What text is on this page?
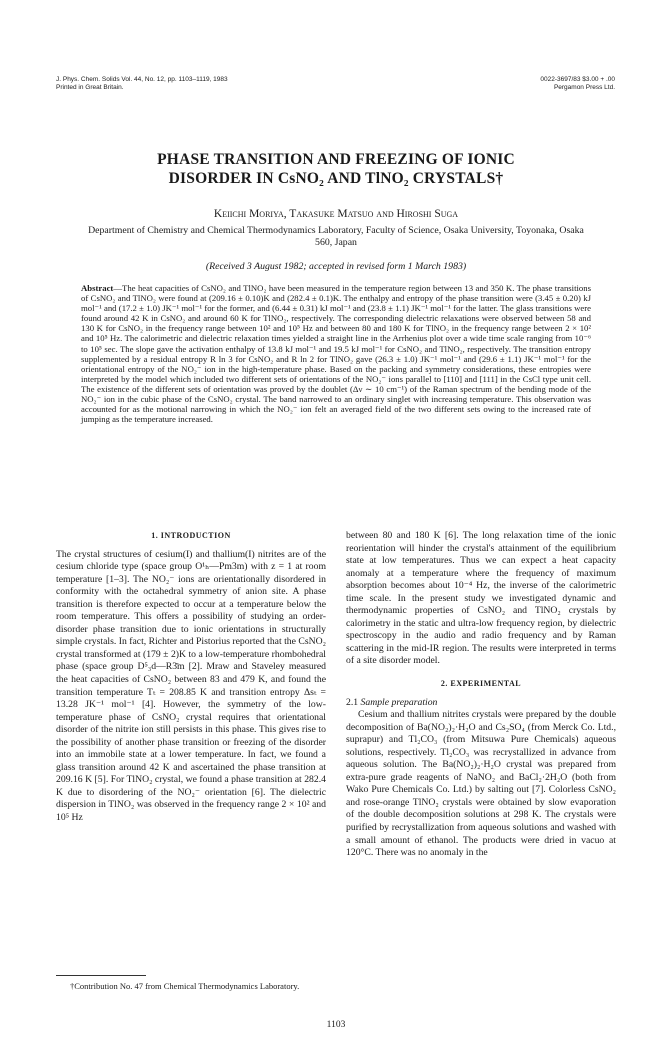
J. Phys. Chem. Solids Vol. 44, No. 12, pp. 1103–1119, 1983
Printed in Great Britain.
0022-3697/83 $3.00 + .00
Pergamon Press Ltd.
PHASE TRANSITION AND FREEZING OF IONIC
DISORDER IN CsNO₂ AND TlNO₂ CRYSTALS†
Keiichi Moriya, Takasuke Matsuo and Hiroshi Suga
Department of Chemistry and Chemical Thermodynamics Laboratory, Faculty of Science, Osaka University, Toyonaka, Osaka 560, Japan
(Received 3 August 1982; accepted in revised form 1 March 1983)
Abstract—The heat capacities of CsNO₂ and TlNO₂ have been measured in the temperature region between 13 and 350 K. The phase transitions of CsNO₂ and TlNO₂ were found at (209.16 ± 0.10)K and (282.4 ± 0.1)K. The enthalpy and entropy of the phase transition were (3.45 ± 0.20) kJ mol⁻¹ and (17.2 ± 1.0) JK⁻¹ mol⁻¹ for the former, and (6.44 ± 0.31) kJ mol⁻¹ and (23.8 ± 1.1) JK⁻¹ mol⁻¹ for the latter. The glass transitions were found around 42 K in CsNO₂ and around 60 K for TlNO₂, respectively. The corresponding dielectric relaxations were observed between 58 and 130 K for CsNO₂ in the frequency range between 10² and 10⁵ Hz and between 80 and 180 K for TlNO₂ in the frequency range between 2 × 10² and 10⁵ Hz. The calorimetric and dielectric relaxation times yielded a straight line in the Arrhenius plot over a wide time scale ranging from 10⁻⁶ to 10⁵ sec. The slope gave the activation enthalpy of 13.8 kJ mol⁻¹ and 19.5 kJ mol⁻¹ for CsNO₂ and TlNO₂, respectively. The transition entropy supplemented by a residual entropy R ln 3 for CsNO₂ and R ln 2 for TlNO₂ gave (26.3 ± 1.0) JK⁻¹ mol⁻¹ and (29.6 ± 1.1) JK⁻¹ mol⁻¹ for the orientational entropy of the NO₂⁻ ion in the high-temperature phase. Based on the packing and symmetry considerations, these entropies were interpreted by the model which included two different sets of orientations of the NO₂⁻ ions parallel to [110] and [111] in the CsCl type unit cell. The existence of the different sets of orientation was proved by the doublet (Δν ∼ 10 cm⁻¹) of the Raman spectrum of the bending mode of the NO₂⁻ ion in the cubic phase of the CsNO₂ crystal. The band narrowed to an ordinary singlet with increasing temperature. This observation was accounted for as the motional narrowing in which the NO₂⁻ ion felt an averaged field of the two different sets owing to the increased rate of jumping as the temperature increased.
1. INTRODUCTION

The crystal structures of cesium(I) and thallium(I) nitrites are of the cesium chloride type (space group O¹ₕ—Pm3m) with z = 1 at room temperature [1–3]. The NO₂⁻ ions are orientationally disordered in conformity with the octahedral symmetry of anion site. A phase transition is therefore expected to occur at a temperature below the room temperature. This offers a possibility of studying an order-disorder phase transition due to ionic orientations in structurally simple crystals. In fact, Richter and Pistorius reported that the CsNO₂ crystal transformed at (179 ± 2)K to a low-temperature rhombohedral phase (space group D⁵₃d—R3̄m [2]. Mraw and Staveley measured the heat capacities of CsNO₂ between 83 and 479 K, and found the transition temperature Tₜ = 208.85 K and transition entropy Δsₜ = 13.28 JK⁻¹ mol⁻¹ [4]. However, the symmetry of the low-temperature phase of CsNO₂ crystal requires that orientational disorder of the nitrite ion still persists in this phase. This gives rise to the possibility of another phase transition or freezing of the disorder into an immobile state at a lower temperature. In fact, we found a glass transition around 42 K and ascertained the phase transition at 209.16 K [5]. For TlNO₂ crystal, we found a phase transition at 282.4 K due to disordering of the NO₂⁻ orientation [6]. The dielectric dispersion in TlNO₂ was observed in the frequency range 2 × 10² and 10⁵ Hz

between 80 and 180 K [6]. The long relaxation time of the ionic reorientation will hinder the crystal's attainment of the equilibrium state at low temperatures. Thus we can expect a heat capacity anomaly at a temperature where the frequency of maximum absorption becomes about 10⁻⁴ Hz, the inverse of the calorimetric time scale. In the present study we investigated dynamic and thermodynamic properties of CsNO₂ and TlNO₂ crystals by calorimetry in the static and ultra-low frequency region, by dielectric spectroscopy in the audio and radio frequency and by Raman scattering in the mid-IR region. The results were interpreted in terms of a site disorder model.

2. EXPERIMENTAL
2.1 Sample preparation

Cesium and thallium nitrites crystals were prepared by the double decomposition of Ba(NO₂)₂·H₂O and Cs₂SO₄ (from Merck Co. Ltd., suprapur) and Tl₂CO₃ (from Mitsuwa Pure Chemicals) aqueous solutions, respectively. Tl₂CO₃ was recrystallized in advance from aqueous solution. The Ba(NO₂)₂·H₂O crystal was prepared from extra-pure grade reagents of NaNO₂ and BaCl₂·2H₂O (both from Wako Pure Chemicals Co. Ltd.) by salting out [7]. Colorless CsNO₂ and rose-orange TlNO₂ crystals were obtained by slow evaporation of the double decomposition solutions at 298 K. The crystals were purified by recrystallization from aqueous solutions and washed with a small amount of ethanol. The products were dried in vacuo at 120°C. There was no anomaly in the

†Contribution No. 47 from Chemical Thermodynamics Laboratory.
1103
